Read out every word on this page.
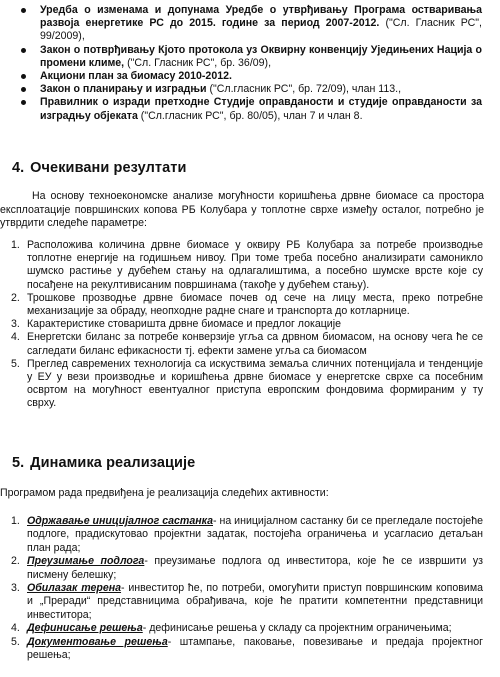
Уредба о изменама и допунама Уредбе о утврђивању Програма остваривања развоја енергетике РС до 2015. године за период 2007-2012. ("Сл. Гласник РС", 99/2009),
Закон о потврђивању Кјото протокола уз Оквирну конвенцију Уједињених Нација о промени климе, ("Сл. Гласник РС", бр. 36/09),
Акциони план за биомасу 2010-2012.
Закон о планирању и изградњи ("Сл.гласник РС", бр. 72/09), члан 113.,
Правилник о изради претходне Студије оправданости и студије оправданости за изградњу објеката ("Сл.гласник РС", бр. 80/05), члан 7 и члан 8.
4. Очекивани резултати
На основу техноекономске анализе могућности коришћења дрвне биомасе са простора експлоатације површинских копова РБ Колубара у топлотне сврхе између осталог, потребно је утврдити следеће параметре:
1. Расположива количина дрвне биомасе у оквиру РБ Колубара за потребе производње топлотне енергије на годишњем нивоу. При томе треба посебно анализирати самоникло шумско растиње у дубећем стању на одлагалиштима, а посебно шумске врсте које су посађене на рекултивисаним површинама (такође у дубећем стању).
2. Трошкове прозводње дрвне биомасе почев од сече на лицу места, преко потребне механизације за обраду, неопходне радне снаге и транспорта до котларнице.
3. Карактеристике стоваришта дрвне биомасе и предлог локације
4. Енергетски биланс за потребе конверзије угља са дрвном биомасом, на основу чега ће се сагледати биланс ефикасности тј. ефекти замене угља са биомасом
5. Преглед савремених технологија са искуствима земаља сличних потенцијала и тенденције у ЕУ у вези производње и коришћења дрвне биомасе у енергетске сврхе са посебним освртом на могућност евентуалног приступа европским фондовима формираним у ту сврху.
5. Динамика реализације
Програмом рада предвиђена је реализација следећих активности:
1. Одржавање иницијалног састанка- на иницијалном састанку би се прегледале постојеће подлоге, прадискутовао пројектни задатак, постојећа ограничења и усагласио детаљан план рада;
2. Преузимање подлога- преузимање подлога од инвеститора, које ће се извршити уз писмену белешку;
3. Обилазак терена- инвеститор ће, по потреби, омогућити приступ површинским коповима и „Преради“ представницима обрађивача, које ће пратити компетентни представници инвеститора;
4. Дефинисање решења- дефинисање решења у складу са пројектним ограничењима;
5. Документовање решења- штампање, паковање, повезивање и предаја пројектног решења;
